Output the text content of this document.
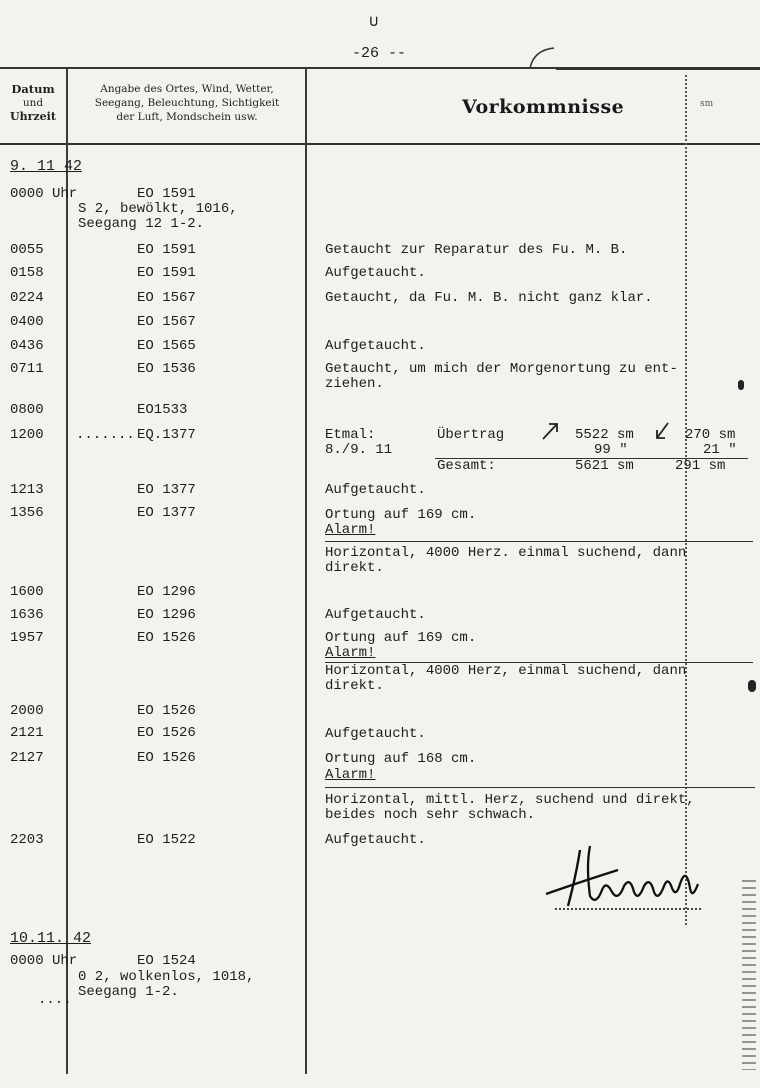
∪
-26 --
Datum
und
Uhrzeit
Angabe des Ortes, Wind, Wetter,
Seegang, Beleuchtung, Sichtigkeit
der Luft, Mondschein usw.	Vorkommnisse	sm
9. 11 42
0000 Uhr	EO 1591
S 2, bewölkt, 1016,
Seegang 12 1-2.
0055	EO 1591	Getaucht zur Reparatur des Fu. M. B.
0158	EO 1591	Aufgetaucht.
0224	EO 1567	Getaucht, da Fu. M. B. nicht ganz klar.
0400	EO 1567
0436	EO 1565	Aufgetaucht.
0711	EO 1536	Getaucht, um mich der Morgenortung zu ent-
ziehen.
0800	EO1533
1200 ....... EQ.1377	Etmal:
8./9. 11
Übertrag	5522 sm	270 sm
99 "	21 "
Gesamt:	5621 sm	291 sm
1213	EO 1377	Aufgetaucht.
1356	EO 1377	Ortung auf 169 cm.
Alarm!
Horizontal, 4000 Herz. einmal suchend, dann
direkt.
1600	EO 1296
1636	EO 1296	Aufgetaucht.
1957	EO 1526	Ortung auf 169 cm.
Alarm!
Horizontal, 4000 Herz, einmal suchend, dann
direkt.
2000	EO 1526
2121	EO 1526	Aufgetaucht.
2127	EO 1526	Ortung auf 168 cm.
Alarm!
Horizontal, mittl. Herz, suchend und direkt,
beides noch sehr schwach.
2203	EO 1522	Aufgetaucht.
10.11. 42
0000 Uhr	EO 1524
0 2, wolkenlos, 1018,
Seegang 1-2.
....
